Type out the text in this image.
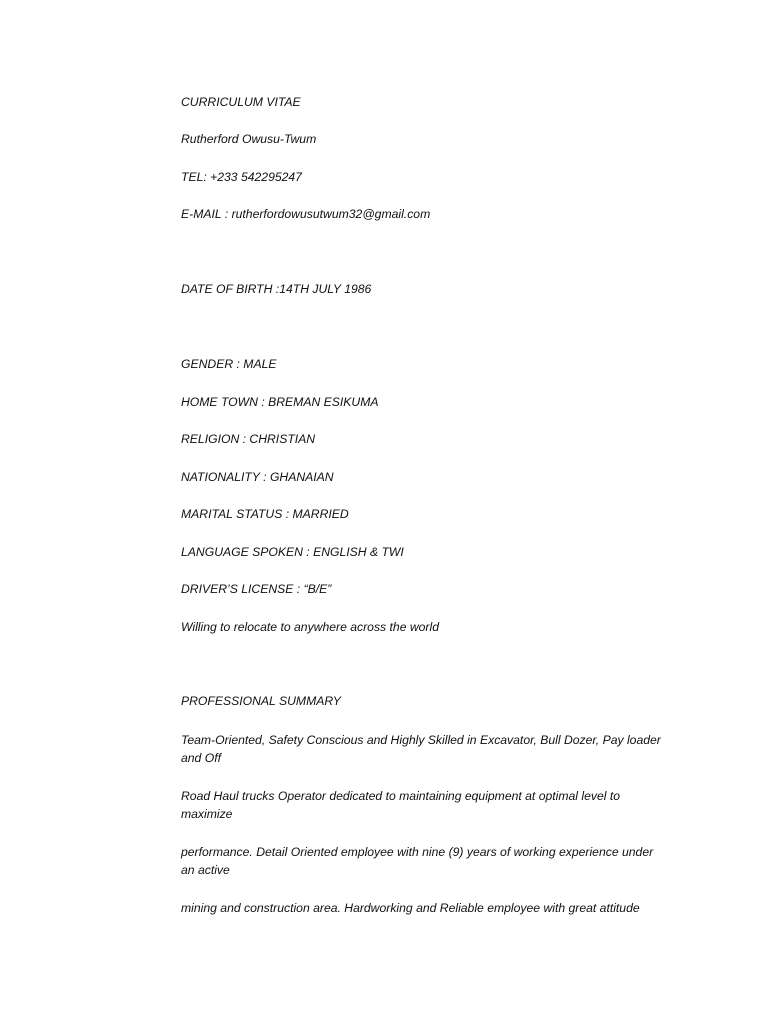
CURRICULUM VITAE

Rutherford Owusu-Twum

TEL: +233 542295247

E-MAIL : rutherfordowusutwum32@gmail.com

DATE OF BIRTH :14TH JULY 1986

GENDER : MALE

HOME TOWN : BREMAN ESIKUMA

RELIGION : CHRISTIAN

NATIONALITY : GHANAIAN

MARITAL STATUS : MARRIED

LANGUAGE SPOKEN : ENGLISH & TWI

DRIVER’S LICENSE : “B/E”

Willing to relocate to anywhere across the world

PROFESSIONAL SUMMARY

Team-Oriented, Safety Conscious and Highly Skilled in Excavator, Bull Dozer, Pay loader and Off

Road Haul trucks Operator dedicated to maintaining equipment at optimal level to maximize

performance. Detail Oriented employee with nine (9) years of working experience under an active

mining and construction area. Hardworking and Reliable employee with great attitude
